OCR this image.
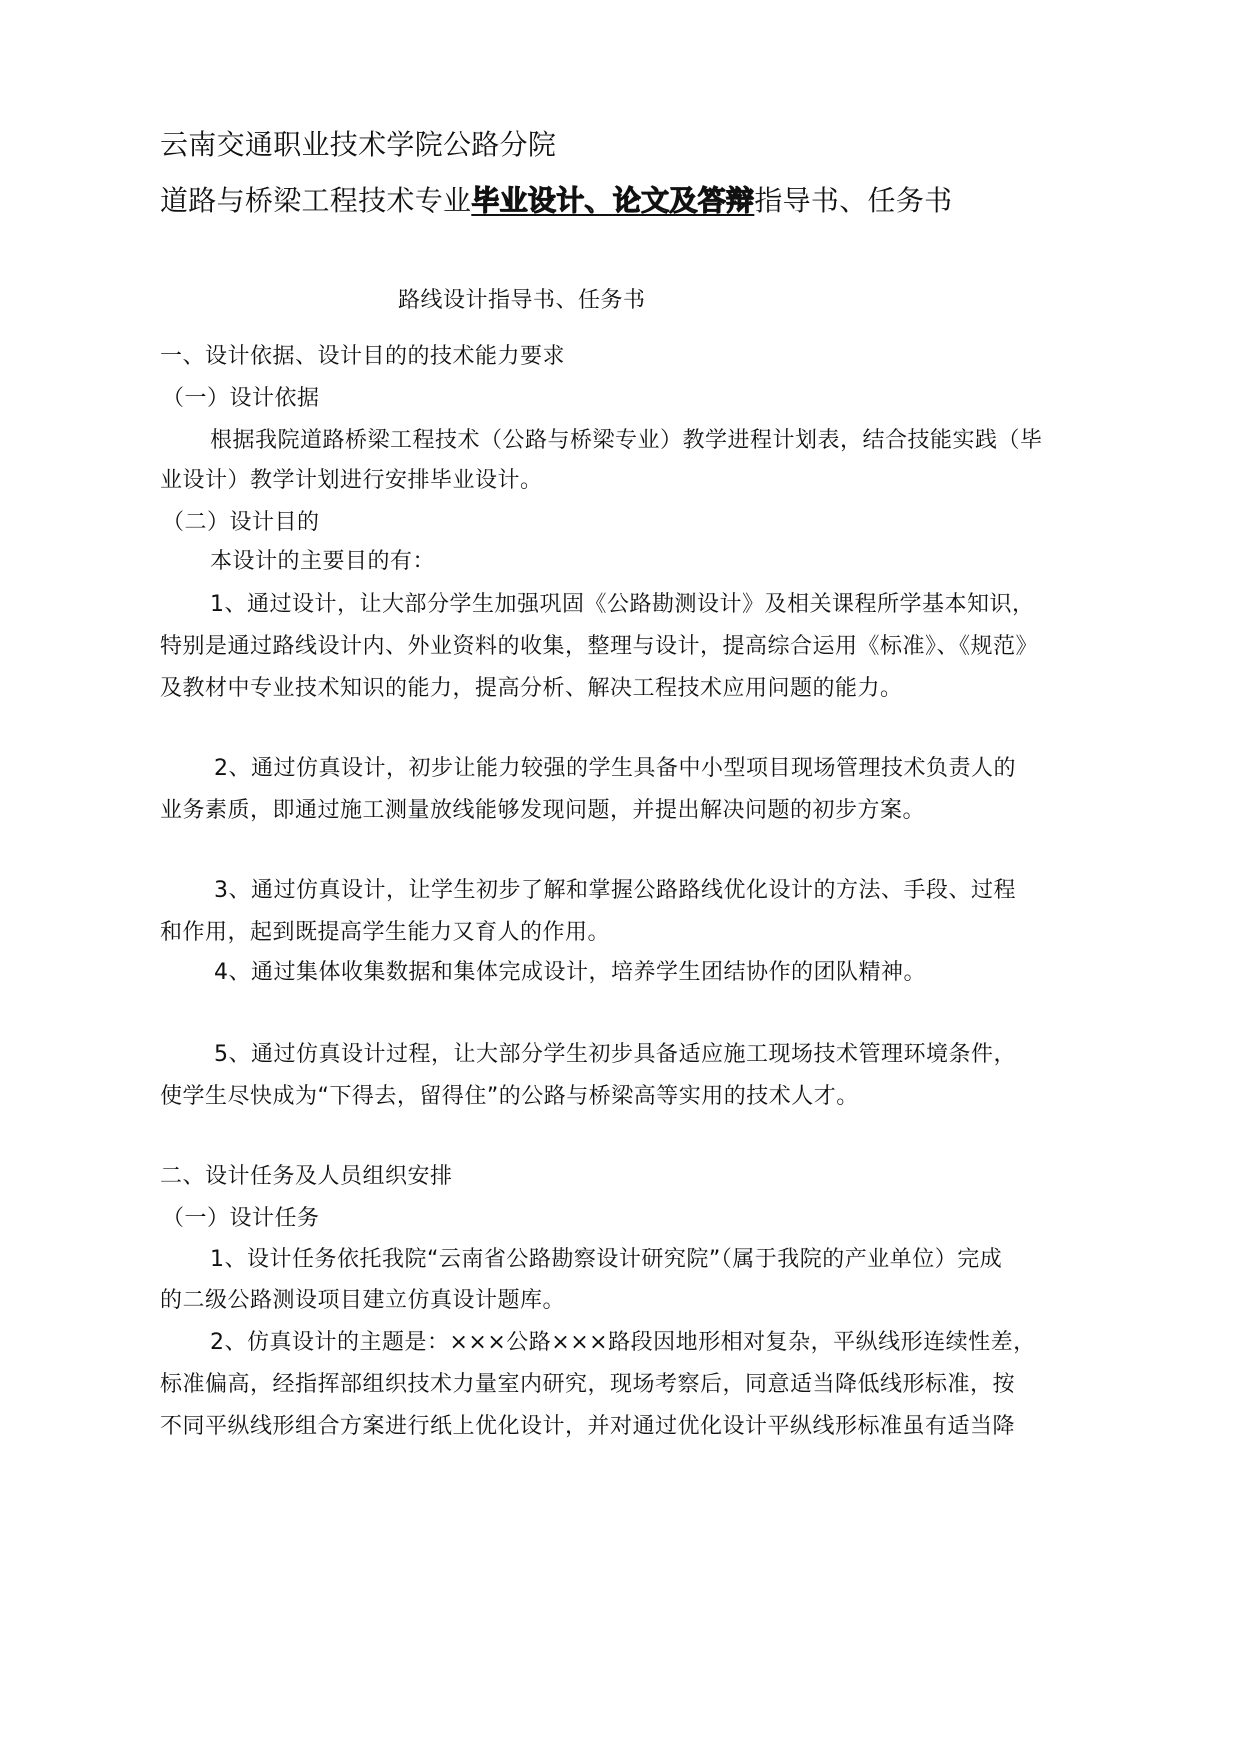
云南交通职业技术学院公路分院
道路与桥梁工程技术专业毕业设计、论文及答辩指导书、任务书
路线设计指导书、任务书
一、设计依据、设计目的的技术能力要求
（一）设计依据
根据我院道路桥梁工程技术（公路与桥梁专业）教学进程计划表，结合技能实践（毕
业设计）教学计划进行安排毕业设计。
（二）设计目的
本设计的主要目的有：
1、通过设计，让大部分学生加强巩固《公路勘测设计》及相关课程所学基本知识，
特别是通过路线设计内、外业资料的收集，整理与设计，提高综合运用《标准》、《规范》
及教材中专业技术知识的能力，提高分析、解决工程技术应用问题的能力。
2、通过仿真设计，初步让能力较强的学生具备中小型项目现场管理技术负责人的
业务素质，即通过施工测量放线能够发现问题，并提出解决问题的初步方案。
3、通过仿真设计，让学生初步了解和掌握公路路线优化设计的方法、手段、过程
和作用，起到既提高学生能力又育人的作用。
4、通过集体收集数据和集体完成设计，培养学生团结协作的团队精神。
5、通过仿真设计过程，让大部分学生初步具备适应施工现场技术管理环境条件，
使学生尽快成为“下得去，留得住”的公路与桥梁高等实用的技术人才。
二、设计任务及人员组织安排
（一）设计任务
1、设计任务依托我院“云南省公路勘察设计研究院”（属于我院的产业单位）完成
的二级公路测设项目建立仿真设计题库。
2、仿真设计的主题是：×××公路×××路段因地形相对复杂，平纵线形连续性差，
标准偏高，经指挥部组织技术力量室内研究，现场考察后，同意适当降低线形标准，按
不同平纵线形组合方案进行纸上优化设计，并对通过优化设计平纵线形标准虽有适当降
